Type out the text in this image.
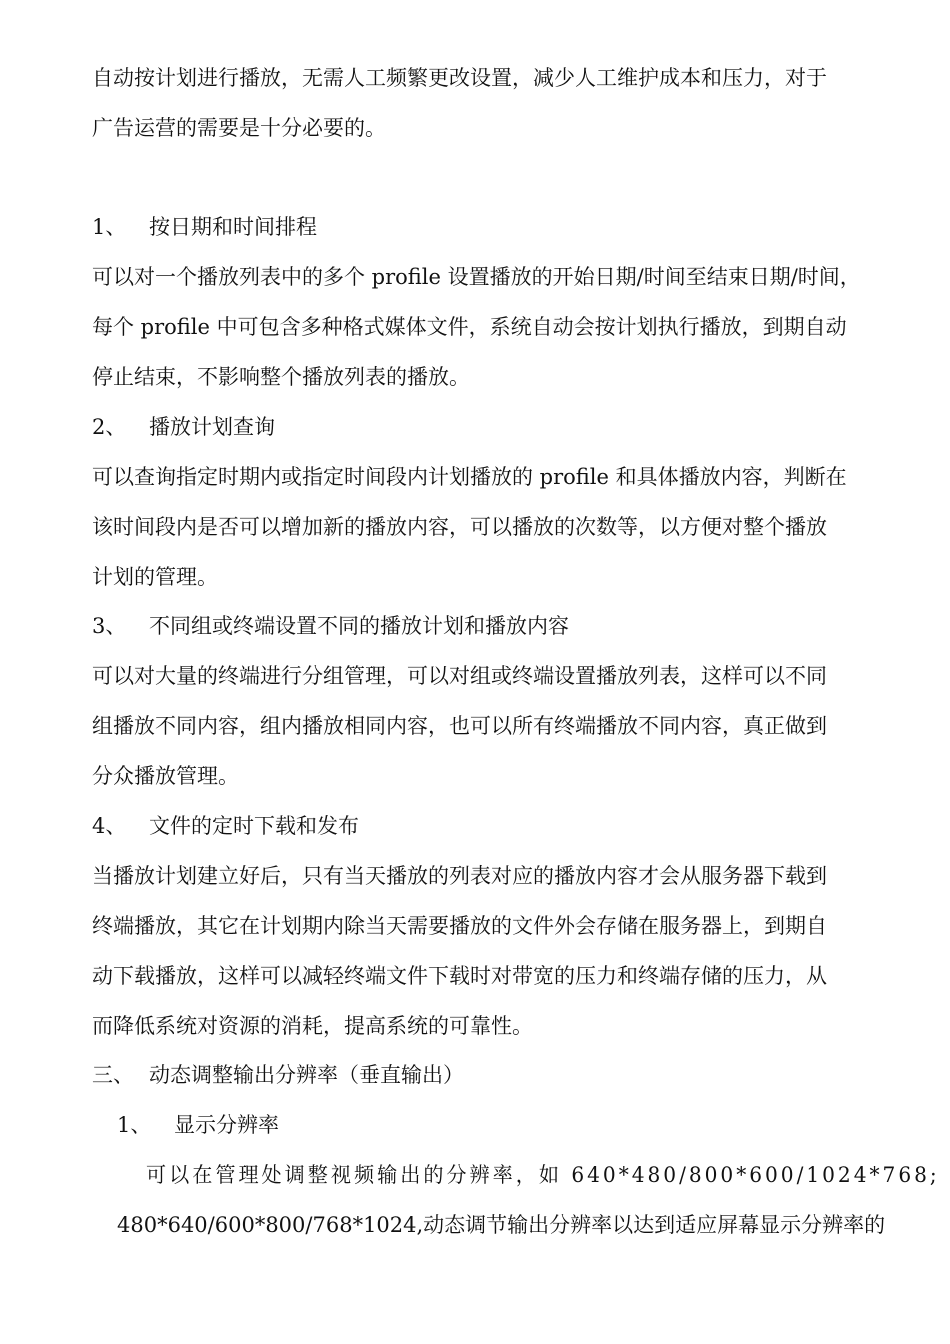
自动按计划进行播放，无需人工频繁更改设置，减少人工维护成本和压力，对于
广告运营的需要是十分必要的。
1、 按日期和时间排程
可以对一个播放列表中的多个 profile 设置播放的开始日期/时间至结束日期/时间，
每个 profile 中可包含多种格式媒体文件，系统自动会按计划执行播放，到期自动
停止结束，不影响整个播放列表的播放。
2、 播放计划查询
可以查询指定时期内或指定时间段内计划播放的 profile 和具体播放内容，判断在
该时间段内是否可以增加新的播放内容，可以播放的次数等，以方便对整个播放
计划的管理。
3、 不同组或终端设置不同的播放计划和播放内容
可以对大量的终端进行分组管理，可以对组或终端设置播放列表，这样可以不同
组播放不同内容，组内播放相同内容，也可以所有终端播放不同内容，真正做到
分众播放管理。
4、 文件的定时下载和发布
当播放计划建立好后，只有当天播放的列表对应的播放内容才会从服务器下载到
终端播放，其它在计划期内除当天需要播放的文件外会存储在服务器上，到期自
动下载播放，这样可以减轻终端文件下载时对带宽的压力和终端存储的压力，从
而降低系统对资源的消耗，提高系统的可靠性。
三、 动态调整输出分辨率（垂直输出）
1、 显示分辨率
可以在管理处调整视频输出的分辨率，如 640*480/800*600/1024*768;
480*640/600*800/768*1024,动态调节输出分辨率以达到适应屏幕显示分辨率的
